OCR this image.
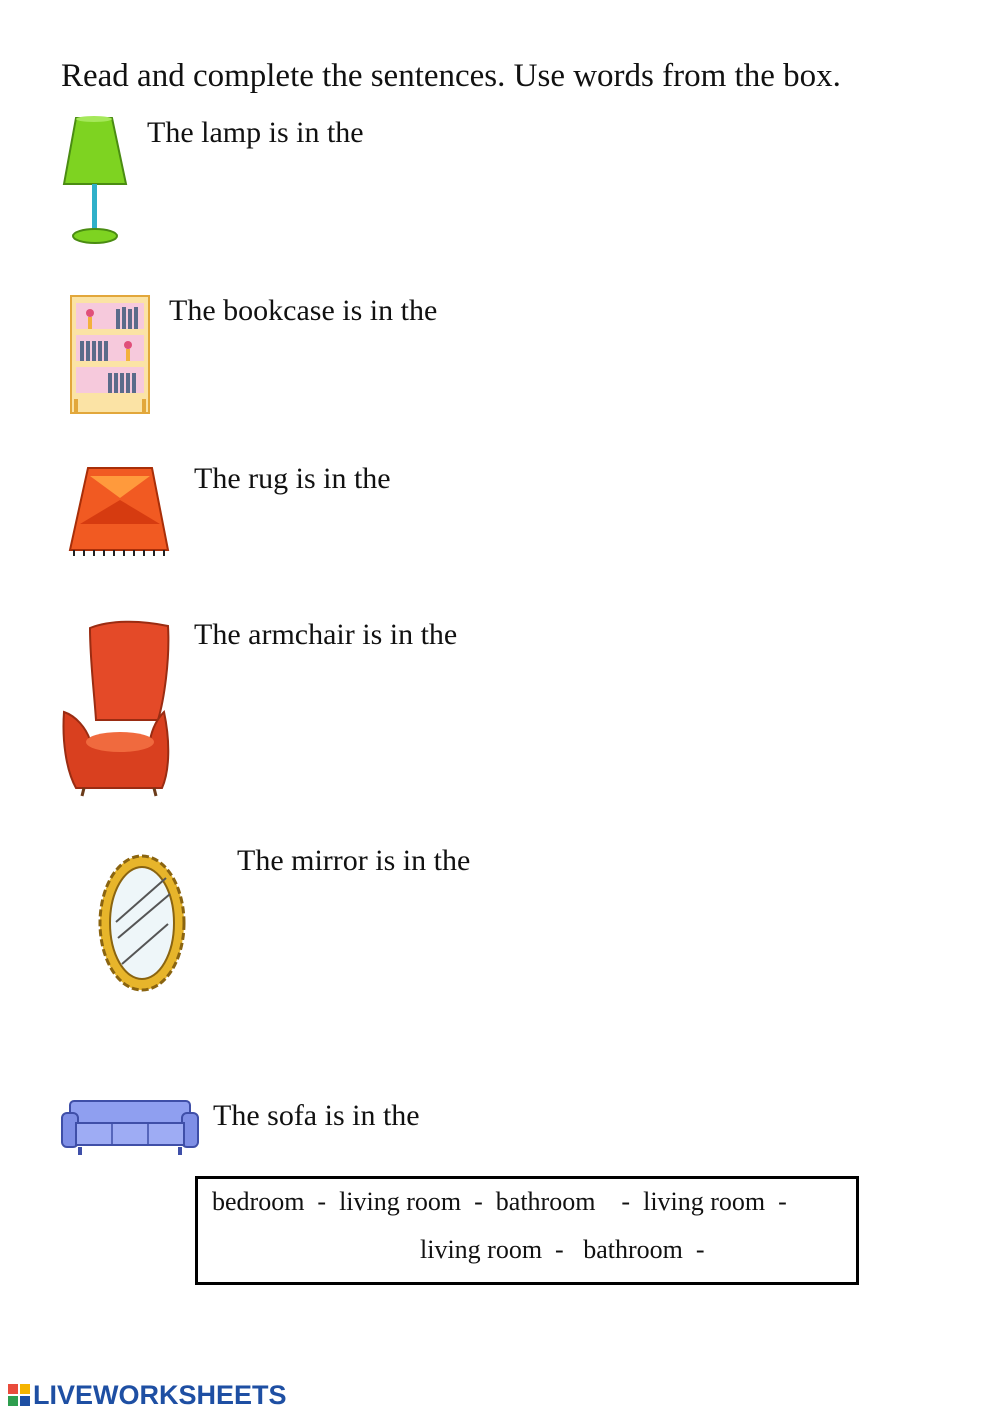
Read and complete the sentences. Use words from the box.
The lamp is in the
The bookcase is in the
The rug is in the
The armchair is in the
The mirror is in the
The sofa is in the
bedroom  -  living room  -  bathroom    -  living room  -
living room  -   bathroom  -
LIVEWORKSHEETS
